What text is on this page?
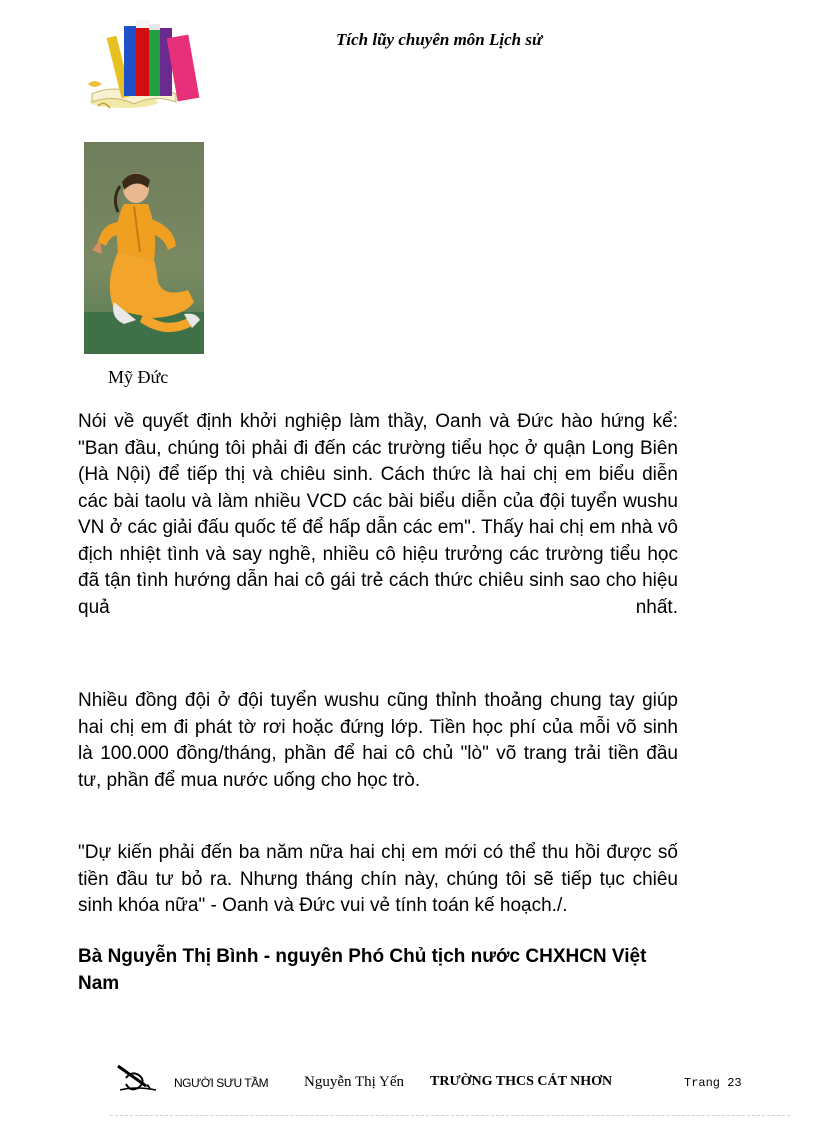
Tích lũy chuyên môn Lịch sử
Mỹ Đức

Nói về quyết định khởi nghiệp làm thầy, Oanh và Đức hào hứng kể: "Ban đầu, chúng tôi phải đi đến các trường tiểu học ở quận Long Biên (Hà Nội) để tiếp thị và chiêu sinh. Cách thức là hai chị em biểu diễn các bài taolu và làm nhiều VCD các bài biểu diễn của đội tuyển wushu VN ở các giải đấu quốc tế để hấp dẫn các em". Thấy hai chị em nhà vô địch nhiệt tình và say nghề, nhiều cô hiệu trưởng các trường tiểu học đã tận tình hướng dẫn hai cô gái trẻ cách thức chiêu sinh sao cho hiệu quả nhất.

Nhiều đồng đội ở đội tuyển wushu cũng thỉnh thoảng chung tay giúp hai chị em đi phát tờ rơi hoặc đứng lớp. Tiền học phí của mỗi võ sinh là 100.000 đồng/tháng, phần để hai cô chủ "lò" võ trang trải tiền đầu tư, phần để mua nước uống cho học trò.

"Dự kiến phải đến ba năm nữa hai chị em mới có thể thu hồi được số tiền đầu tư bỏ ra. Nhưng tháng chín này, chúng tôi sẽ tiếp tục chiêu sinh khóa nữa" - Oanh và Đức vui vẻ tính toán kế hoạch./.

Bà Nguyễn Thị Bình - nguyên Phó Chủ tịch nước CHXHCN Việt Nam

NGƯỜI SƯU TẦM Nguyễn Thị Yến TRƯỜNG THCS CÁT NHƠN	Trang 23
